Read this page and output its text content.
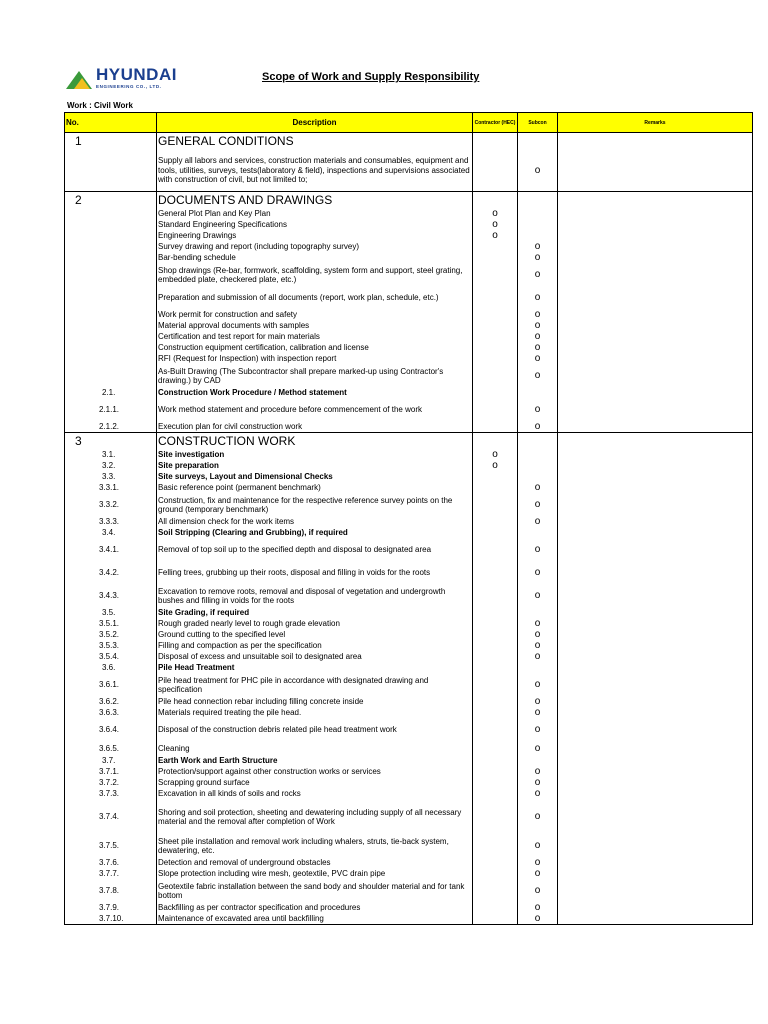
HYUNDAI
ENGINEERING CO., LTD.
Scope of Work and Supply Responsibility
Work : Civil Work
No.	Description	Contractor (HEC)	Subcon	Remarks
1	GENERAL CONDITIONS			
	Supply all labors and services, construction materials and consumables, equipment and tools, utilities, surveys, tests(laboratory & field), inspections and supervisions associated with construction of civil, but not limited to;		o	
2	DOCUMENTS AND DRAWINGS			
	General Plot Plan and Key Plan	o		
	Standard Engineering Specifications	o		
	Engineering Drawings	o		
	Survey drawing and report (including topography survey)		o	
	Bar-bending schedule		o	
	Shop drawings (Re-bar, formwork, scaffolding, system form and support, steel grating, embedded plate, checkered plate, etc.)		o	
	Preparation and submission of all documents (report, work plan, schedule, etc.)		o	
	Work permit for construction and safety		o	
	Material approval documents with samples		o	
	Certification and test report for main materials		o	
	Construction equipment certification, calibration and license		o	
	RFI (Request for Inspection) with inspection report		o	
	As-Built Drawing (The Subcontractor shall prepare marked-up using Contractor's drawing.) by CAD		o	
2.1.	Construction Work Procedure / Method statement			
2.1.1.	Work method statement and procedure before commencement of the work		o	
2.1.2.	Execution plan for civil construction work		o	
3	CONSTRUCTION WORK			
3.1.	Site investigation	o		
3.2.	Site preparation	o		
3.3.	Site surveys, Layout and Dimensional Checks			
3.3.1.	Basic reference point (permanent benchmark)		o	
3.3.2.	Construction, fix and maintenance for the respective reference survey points on the ground (temporary benchmark)		o	
3.3.3.	All dimension check for the work items		o	
3.4.	Soil Stripping (Clearing and Grubbing), if required			
3.4.1.	Removal of top soil up to the specified depth and disposal to designated area		o	
3.4.2.	Felling trees, grubbing up their roots, disposal and filling in voids for the roots		o	
3.4.3.	Excavation to remove roots, removal and disposal of vegetation and undergrowth bushes and filling in voids for the roots		o	
3.5.	Site Grading, if required			
3.5.1.	Rough graded nearly level to rough grade elevation		o	
3.5.2.	Ground cutting to the specified level		o	
3.5.3.	Filling and compaction as per the specification		o	
3.5.4.	Disposal of excess and unsuitable soil to designated area		o	
3.6.	Pile Head Treatment			
3.6.1.	Pile head treatment for PHC pile in accordance with designated drawing and specification		o	
3.6.2.	Pile head connection rebar including filling concrete inside		o	
3.6.3.	Materials required treating the pile head.		o	
3.6.4.	Disposal of the construction debris related pile head treatment work		o	
3.6.5.	Cleaning		o	
3.7.	Earth Work and Earth Structure			
3.7.1.	Protection/support against other construction works or services		o	
3.7.2.	Scrapping ground surface		o	
3.7.3.	Excavation in all kinds of soils and rocks		o	
3.7.4.	Shoring and soil protection, sheeting and dewatering including supply of all necessary material and the removal after completion of Work		o	
3.7.5.	Sheet pile installation and removal work including whalers, struts, tie-back system, dewatering, etc.		o	
3.7.6.	Detection and removal of underground obstacles		o	
3.7.7.	Slope protection including wire mesh, geotextile, PVC drain pipe		o	
3.7.8.	Geotextile fabric installation between the sand body and shoulder material and for tank bottom		o	
3.7.9.	Backfilling as per contractor specification and procedures		o	
3.7.10.	Maintenance of excavated area until backfilling		o	
